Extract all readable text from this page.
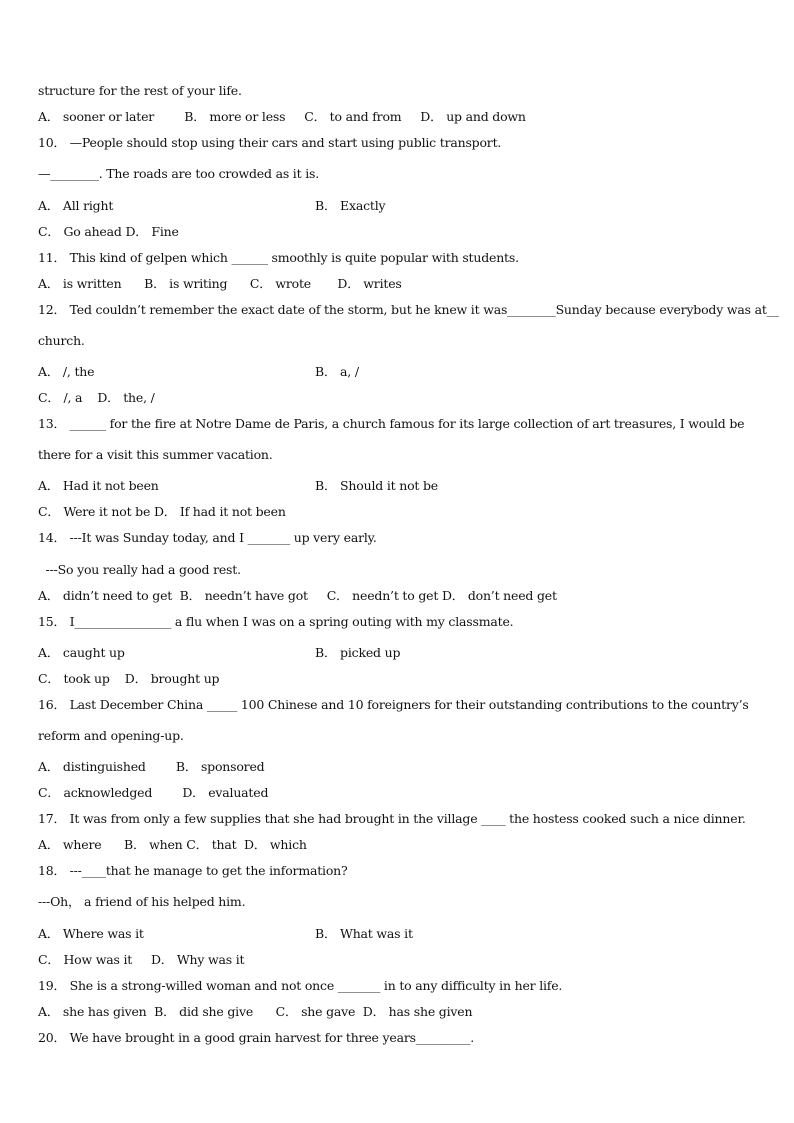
structure for the rest of your life.
A． sooner or later        B． more or less     C． to and from     D． up and down
10． —People should stop using their cars and start using public transport.
—________. The roads are too crowded as it is.
A． All right	B． Exactly
C． Go ahead D． Fine
11． This kind of gelpen which ______ smoothly is quite popular with students.
A． is written      B． is writing      C． wrote       D． writes
12． Ted couldn’t remember the exact date of the storm, but he knew it was________Sunday because everybody was at__
church.
A． /, the	B． a, /
C． /, a    D． the, /
13． ______ for the fire at Notre Dame de Paris, a church famous for its large collection of art treasures, I would be
there for a visit this summer vacation.
A． Had it not been	B． Should it not be
C． Were it not be D． If had it not been
14． ---It was Sunday today, and I _______ up very early.
---So you really had a good rest.
A． didn’t need to get  B． needn’t have got     C． needn’t to get D． don’t need get
15． I________________ a flu when I was on a spring outing with my classmate.
A． caught up	B． picked up
C． took up    D． brought up
16． Last December China _____ 100 Chinese and 10 foreigners for their outstanding contributions to the country’s
reform and opening-up.
A． distinguished        B． sponsored
C． acknowledged        D． evaluated
17． It was from only a few supplies that she had brought in the village ____ the hostess cooked such a nice dinner.
A． where      B． when C． that  D． which
18． ---____that he manage to get the information?
---Oh， a friend of his helped him.
A． Where was it	B． What was it
C． How was it     D． Why was it
19． She is a strong-willed woman and not once _______ in to any difficulty in her life.
A． she has given  B． did she give      C． she gave  D． has she given
20． We have brought in a good grain harvest for three years_________.
